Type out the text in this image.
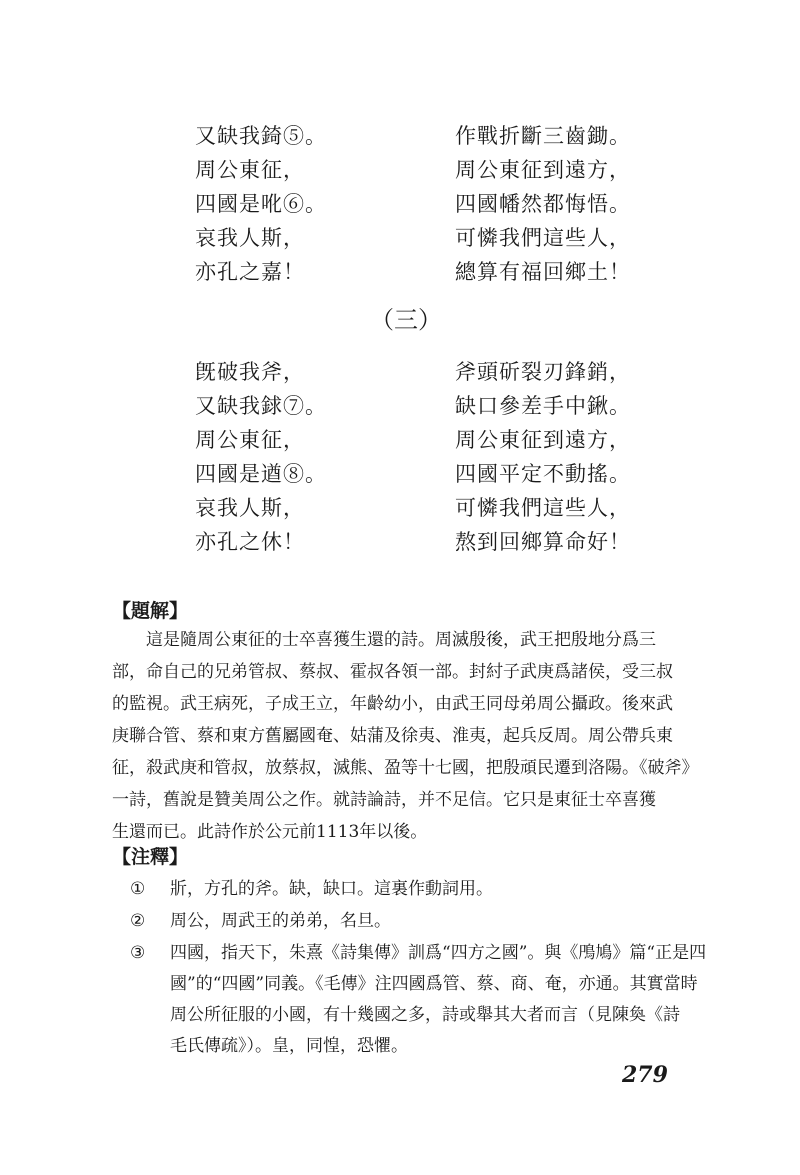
又缺我錡⑤。	作戰折斷三齒鋤。
周公東征，	周公東征到遠方，
四國是吪⑥。	四國幡然都悔悟。
哀我人斯，	可憐我們這些人，
亦孔之嘉！	總算有福回鄉土！
（三）
旣破我斧，	斧頭斫裂刃鋒銷，
又缺我銶⑦。	缺口參差手中鍬。
周公東征，	周公東征到遠方，
四國是遒⑧。	四國平定不動搖。
哀我人斯，	可憐我們這些人，
亦孔之休！	熬到回鄉算命好！
【題解】
　　這是隨周公東征的士卒喜獲生還的詩。周滅殷後，武王把殷地分爲三
部，命自己的兄弟管叔、蔡叔、霍叔各領一部。封紂子武庚爲諸侯，受三叔
的監視。武王病死，子成王立，年齡幼小，由武王同母弟周公攝政。後來武
庚聯合管、蔡和東方舊屬國奄、姑蒲及徐夷、淮夷，起兵反周。周公帶兵東
征，殺武庚和管叔，放蔡叔，滅熊、盈等十七國，把殷頑民遷到洛陽。《破斧》
一詩，舊說是贊美周公之作。就詩論詩，并不足信。它只是東征士卒喜獲
生還而已。此詩作於公元前1113年以後。
【注釋】
① 斨，方孔的斧。缺，缺口。這裏作動詞用。
② 周公，周武王的弟弟，名旦。
③ 四國，指天下，朱熹《詩集傳》訓爲“四方之國”。與《鳲鳩》篇“正是四
國”的“四國”同義。《毛傳》注四國爲管、蔡、商、奄，亦通。其實當時
周公所征服的小國，有十幾國之多，詩或舉其大者而言（見陳奐《詩
毛氏傳疏》）。皇，同惶，恐懼。
279
